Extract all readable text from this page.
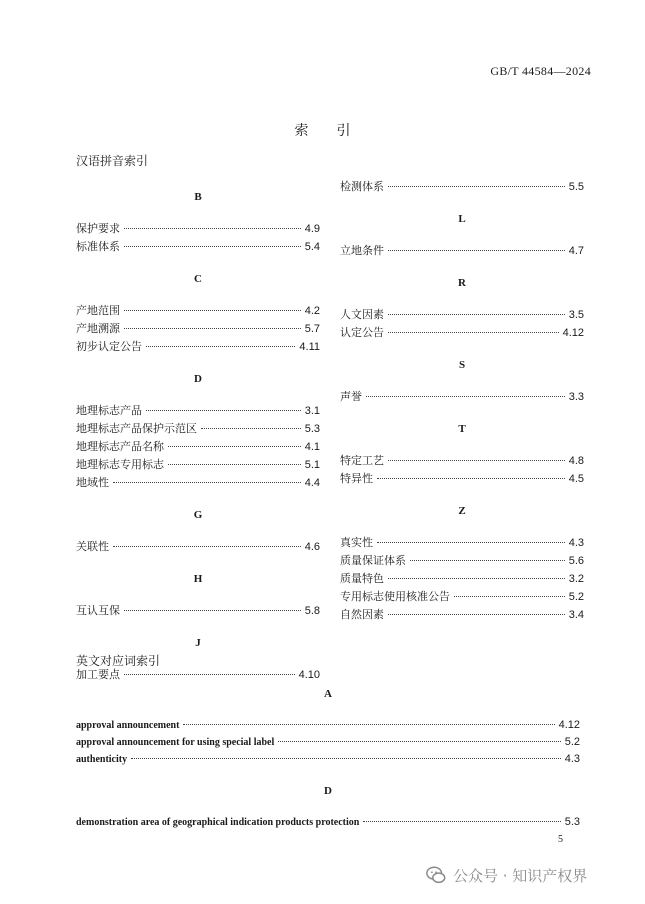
GB/T 44584—2024
索　　引
汉语拼音索引
B
保护要求	4.9
标准体系	5.4
C
产地范围	4.2
产地溯源	5.7
初步认定公告	4.11
D
地理标志产品	3.1
地理标志产品保护示范区	5.3
地理标志产品名称	4.1
地理标志专用标志	5.1
地域性	4.4
G
关联性	4.6
H
互认互保	5.8
J
加工要点	4.10
检测体系	5.5
L
立地条件	4.7
R
人文因素	3.5
认定公告	4.12
S
声誉	3.3
T
特定工艺	4.8
特异性	4.5
Z
真实性	4.3
质量保证体系	5.6
质量特色	3.2
专用标志使用核准公告	5.2
自然因素	3.4
英文对应词索引
A
approval announcement	4.12
approval announcement for using special label	5.2
authenticity	4.3
D
demonstration area of geographical indication products protection	5.3
5
公众号 · 知识产权界
